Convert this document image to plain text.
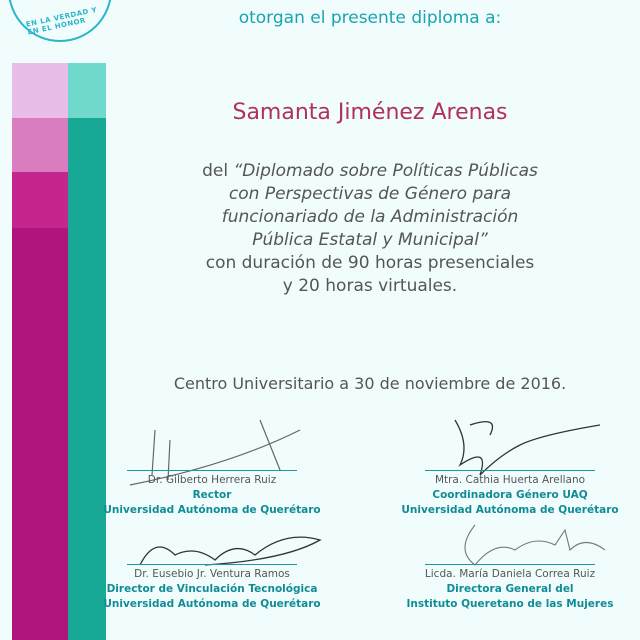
EN LA VERDAD Y EN EL HONOR	otorgan el presente diploma a:
Samanta Jiménez Arenas
del “Diplomado sobre Políticas Públicas
con Perspectivas de Género para
funcionariado de la Administración
Pública Estatal y Municipal”
con duración de 90 horas presenciales
y 20 horas virtuales.
Centro Universitario a 30 de noviembre de 2016.
Dr. Gilberto Herrera Ruiz
Rector
Universidad Autónoma de Querétaro
Mtra. Cathia Huerta Arellano
Coordinadora Género UAQ
Universidad Autónoma de Querétaro
Dr. Eusebio Jr. Ventura Ramos
Director de Vinculación Tecnológica
Universidad Autónoma de Querétaro
Licda. María Daniela Correa Ruiz
Directora General del
Instituto Queretano de las Mujeres
